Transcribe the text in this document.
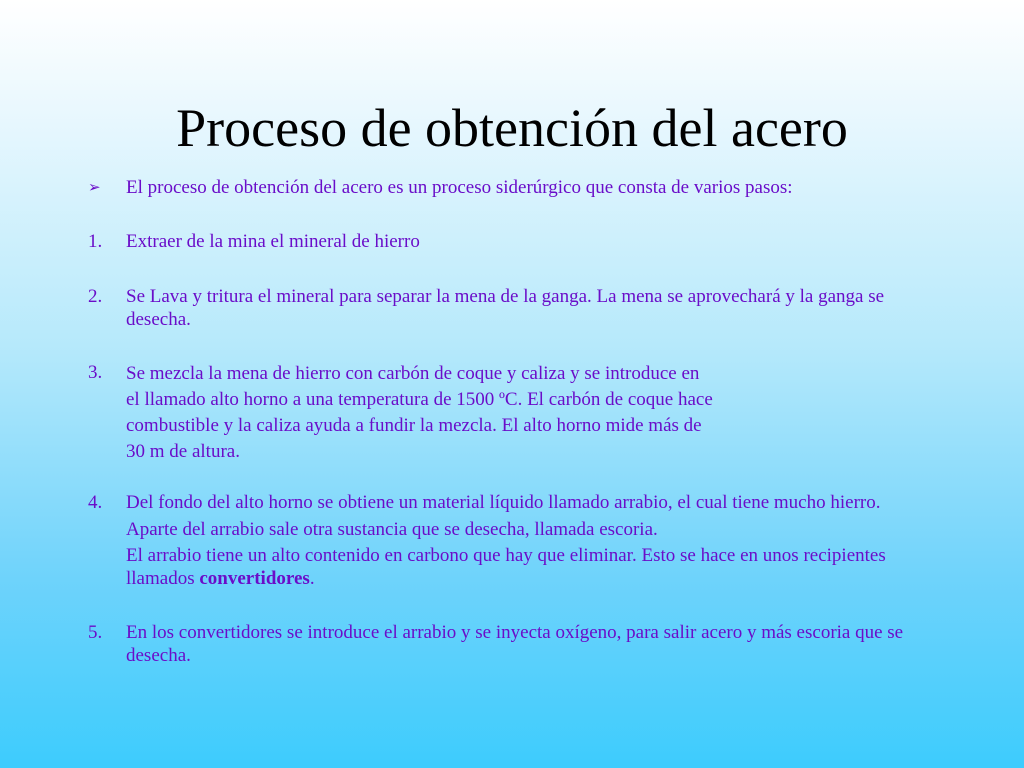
Proceso de obtención del acero
➢ El proceso de obtención del acero es un proceso siderúrgico que consta de varios pasos:

1. Extraer de la mina el mineral de hierro

2. Se Lava y tritura el mineral para separar la mena de la ganga. La mena se aprovechará y la ganga se desecha.

3. Se mezcla la mena de hierro con carbón de coque y caliza y se introduce en
el llamado alto horno a una temperatura de 1500 ºC. El carbón de coque hace
combustible y la caliza ayuda a fundir la mezcla. El alto horno mide más de
30 m de altura.

4. Del fondo del alto horno se obtiene un material líquido llamado arrabio, el cual tiene mucho hierro.

Aparte del arrabio sale otra sustancia que se desecha, llamada escoria.

El arrabio tiene un alto contenido en carbono que hay que eliminar. Esto se hace en unos recipientes llamados convertidores.

5. En los convertidores se introduce el arrabio y se inyecta oxígeno, para salir acero y más escoria que se desecha.
